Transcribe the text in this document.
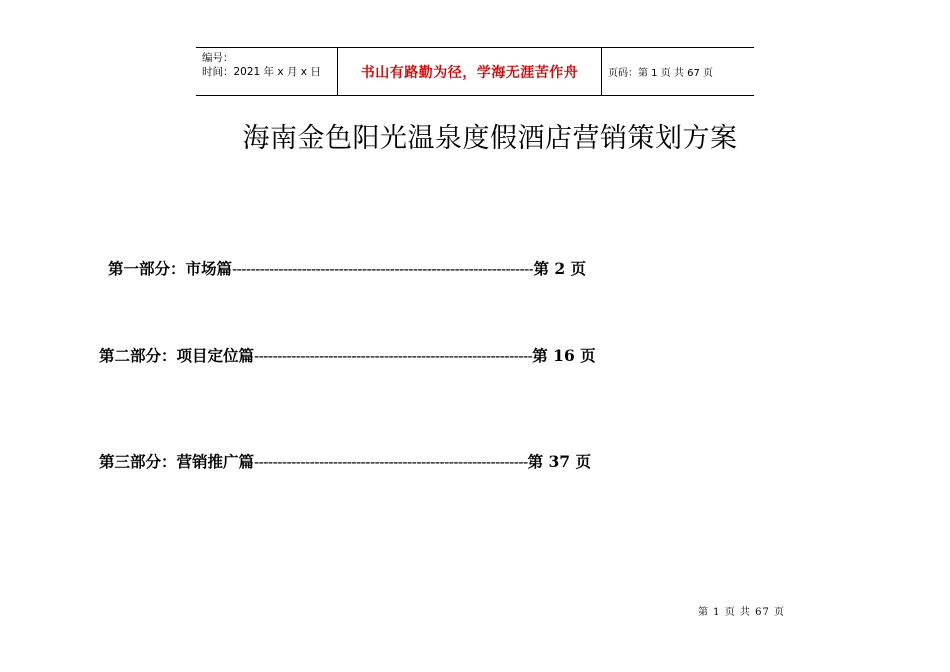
编号：
时间：2021 年 x 月 x 日	书山有路勤为径，学海无涯苦作舟	页码：第 1 页 共 67 页
海南金色阳光温泉度假酒店营销策划方案
第一部分：市场篇 ----------------------------------------------------------------- 第 2 页
第二部分：项目定位篇 ------------------------------------------------------------ 第 16 页
第三部分：营销推广篇 ----------------------------------------------------------- 第 37 页
第 1 页 共 67 页
